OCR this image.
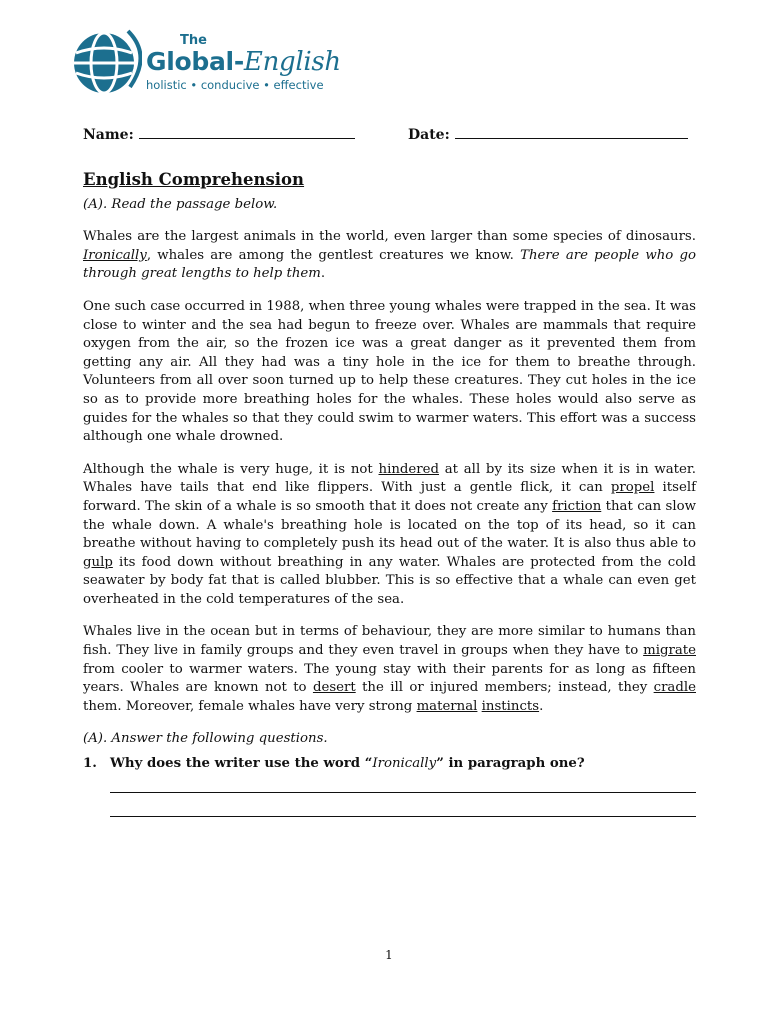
The
Global-English
holistic • conducive • effective
Name:	Date:
English Comprehension
(A). Read the passage below.

Whales are the largest animals in the world, even larger than some species of dinosaurs. Ironically, whales are among the gentlest creatures we know. There are people who go through great lengths to help them.

One such case occurred in 1988, when three young whales were trapped in the sea. It was close to winter and the sea had begun to freeze over. Whales are mammals that require oxygen from the air, so the frozen ice was a great danger as it prevented them from getting any air. All they had was a tiny hole in the ice for them to breathe through. Volunteers from all over soon turned up to help these creatures. They cut holes in the ice so as to provide more breathing holes for the whales. These holes would also serve as guides for the whales so that they could swim to warmer waters. This effort was a success although one whale drowned.

Although the whale is very huge, it is not hindered at all by its size when it is in water. Whales have tails that end like flippers. With just a gentle flick, it can propel itself forward. The skin of a whale is so smooth that it does not create any friction that can slow the whale down. A whale's breathing hole is located on the top of its head, so it can breathe without having to completely push its head out of the water. It is also thus able to gulp its food down without breathing in any water. Whales are protected from the cold seawater by body fat that is called blubber. This is so effective that a whale can even get overheated in the cold temperatures of the sea.

Whales live in the ocean but in terms of behaviour, they are more similar to humans than fish. They live in family groups and they even travel in groups when they have to migrate from cooler to warmer waters. The young stay with their parents for as long as fifteen years. Whales are known not to desert the ill or injured members; instead, they cradle them. Moreover, female whales have very strong maternal instincts.

(A). Answer the following questions.
1. Why does the writer use the word “Ironically” in paragraph one?
1
